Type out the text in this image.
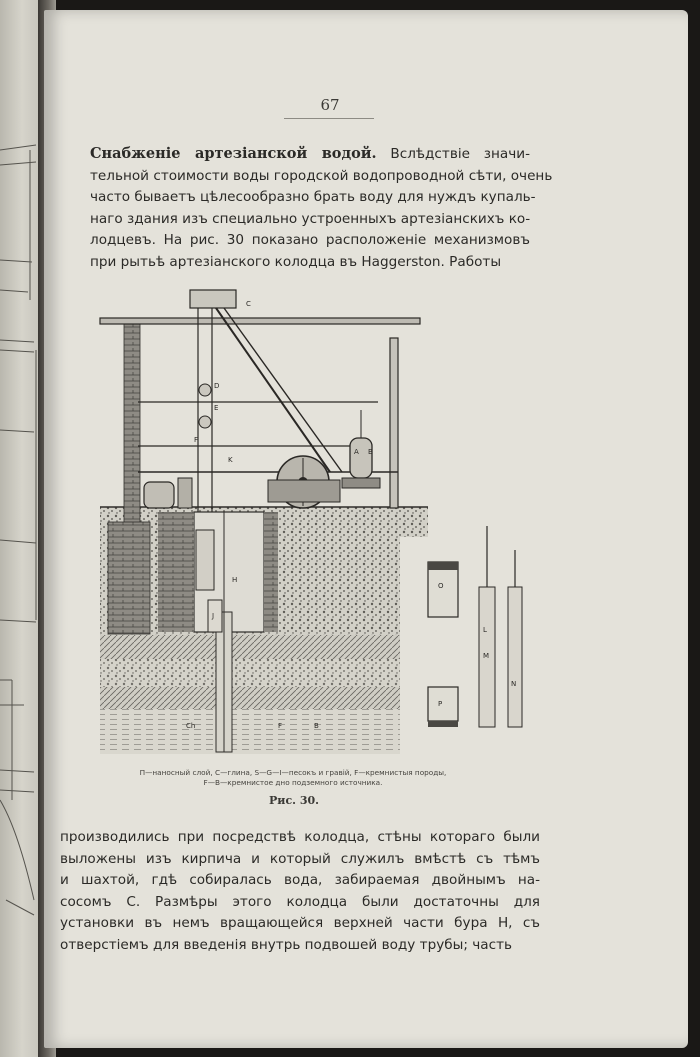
67
Снабженіе артезіанской водой. Вслѣдствіе значи-
тельной стоимости воды городской водопроводной сѣти, очень
часто бываетъ цѣлесообразно брать воду для нуждъ купаль-
наго здания изъ специально устроенныхъ артезіанскихъ ко-
лодцевъ. На рис. 30 показано расположеніе механизмовъ
при рытьѣ артезіанского колодца въ Haggerston. Работы
C
D
E
F
A B
K
H
J
F	B
Ch
O
P
L
M
N
П—наносный слой, C—глина, S—G—І—песокъ и гравій, F—кремнистыя породы,
F—B—кремнистое дно подземного источника.
Рис. 30.
производились при посредствѣ колодца, стѣны котораго были
выложены изъ кирпича и который служилъ вмѣстѣ съ тѣмъ
и шахтой, гдѣ собиралась вода, забираемая двойнымъ на-
сосомъ C. Размѣры этого колодца были достаточны для
установки въ немъ вращающейся верхней части бура H, съ
отверстіемъ для введенія внутрь подвошей воду трубы; часть
